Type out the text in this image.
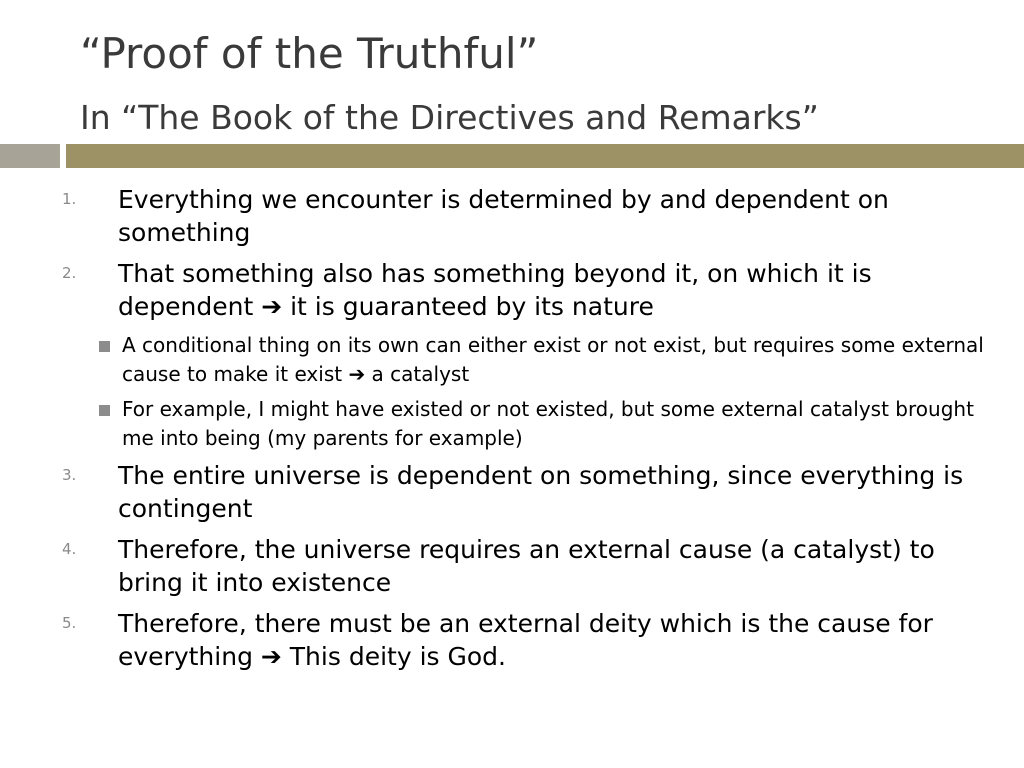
“Proof of the Truthful”
In “The Book of the Directives and Remarks”
1. Everything we encounter is determined by and dependent on something
2. That something also has something beyond it, on which it is dependent ➔ it is guaranteed by its nature
A conditional thing on its own can either exist or not exist, but requires some external cause to make it exist ➔ a catalyst
For example, I might have existed or not existed, but some external catalyst brought me into being (my parents for example)
3. The entire universe is dependent on something, since everything is contingent
4. Therefore, the universe requires an external cause (a catalyst) to bring it into existence
5. Therefore, there must be an external deity which is the cause for everything ➔ This deity is God.
